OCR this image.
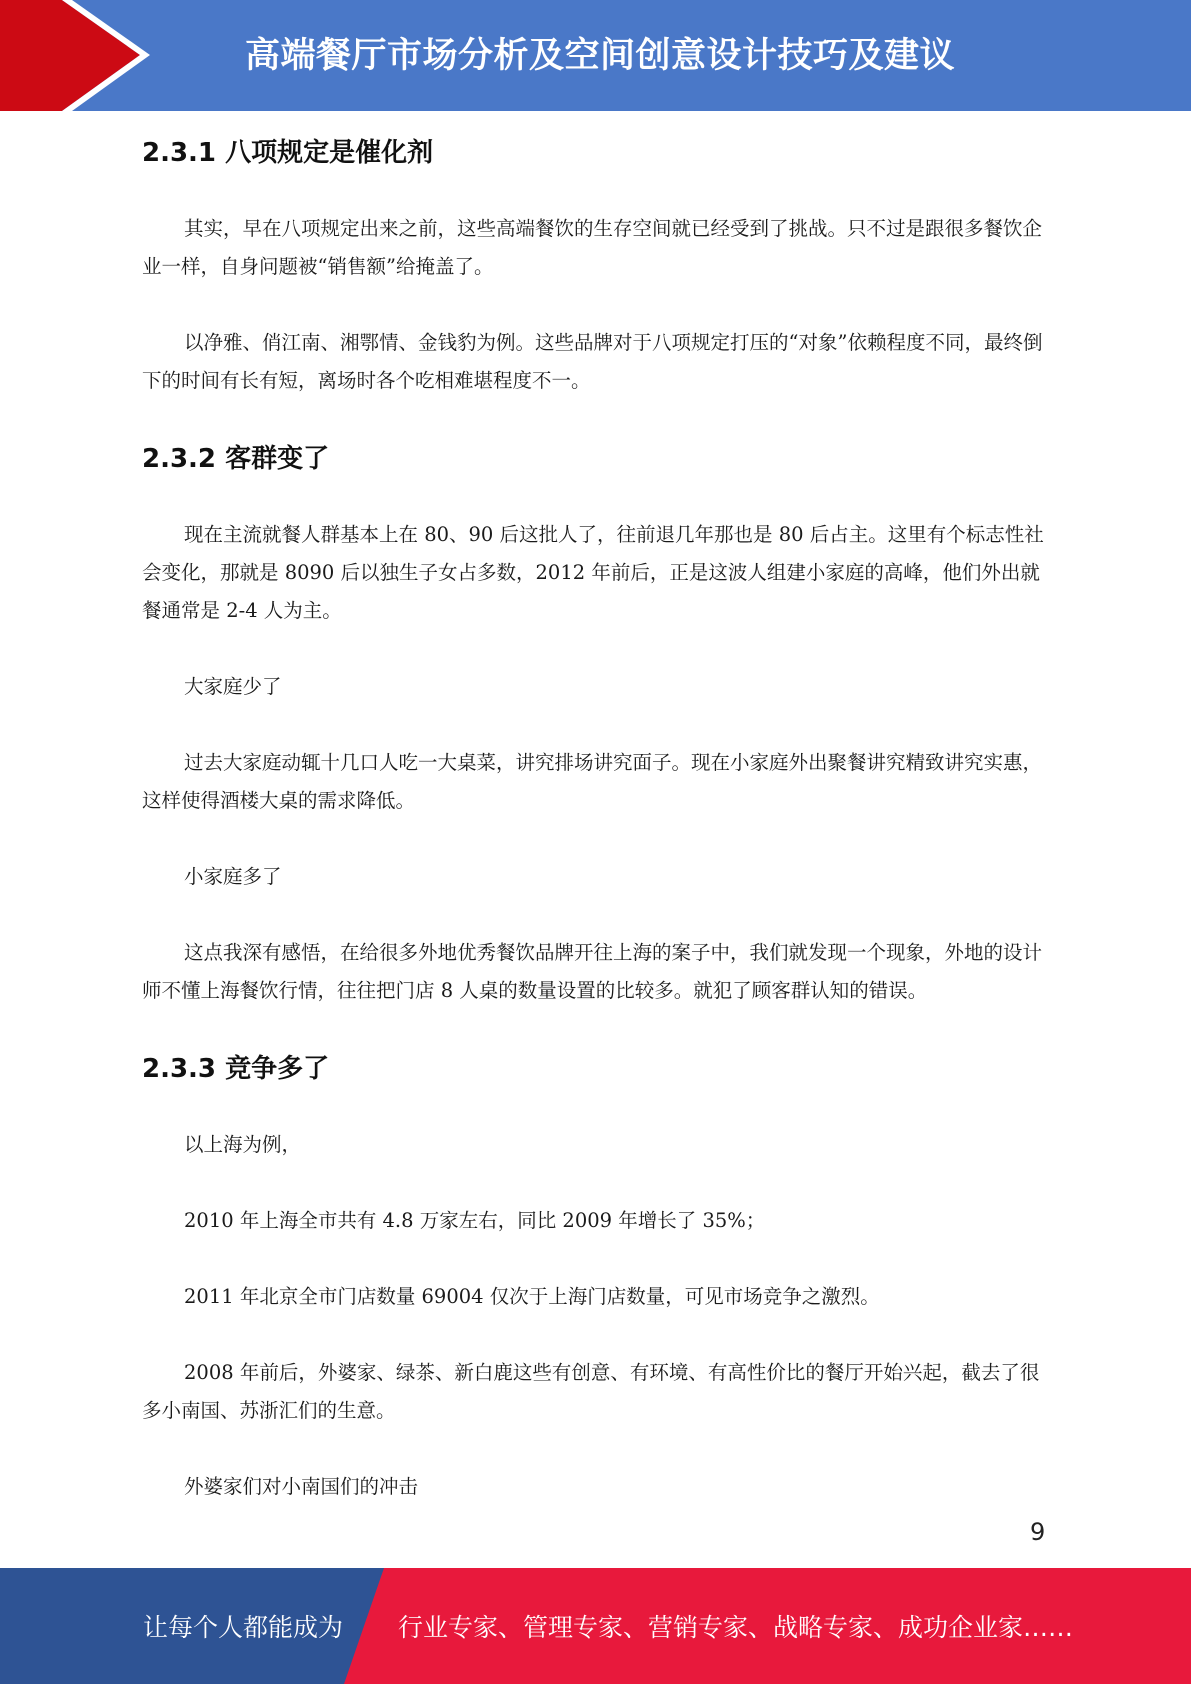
高端餐厅市场分析及空间创意设计技巧及建议
2.3.1 八项规定是催化剂

其实，早在八项规定出来之前，这些高端餐饮的生存空间就已经受到了挑战。只不过是跟很多餐饮企业一样，自身问题被“销售额”给掩盖了。

以净雅、俏江南、湘鄂情、金钱豹为例。这些品牌对于八项规定打压的“对象”依赖程度不同，最终倒下的时间有长有短，离场时各个吃相难堪程度不一。

2.3.2 客群变了

现在主流就餐人群基本上在 80、90 后这批人了，往前退几年那也是 80 后占主。这里有个标志性社会变化，那就是 8090 后以独生子女占多数，2012 年前后，正是这波人组建小家庭的高峰，他们外出就餐通常是 2-4 人为主。

大家庭少了

过去大家庭动辄十几口人吃一大桌菜，讲究排场讲究面子。现在小家庭外出聚餐讲究精致讲究实惠，这样使得酒楼大桌的需求降低。

小家庭多了

这点我深有感悟，在给很多外地优秀餐饮品牌开往上海的案子中，我们就发现一个现象，外地的设计师不懂上海餐饮行情，往往把门店 8 人桌的数量设置的比较多。就犯了顾客群认知的错误。

2.3.3 竞争多了

以上海为例，

2010 年上海全市共有 4.8 万家左右，同比 2009 年增长了 35%；

2011 年北京全市门店数量 69004 仅次于上海门店数量，可见市场竞争之激烈。

2008 年前后，外婆家、绿茶、新白鹿这些有创意、有环境、有高性价比的餐厅开始兴起，截去了很多小南国、苏浙汇们的生意。

外婆家们对小南国们的冲击

9
让每个人都能成为 行业专家、管理专家、营销专家、战略专家、成功企业家……
